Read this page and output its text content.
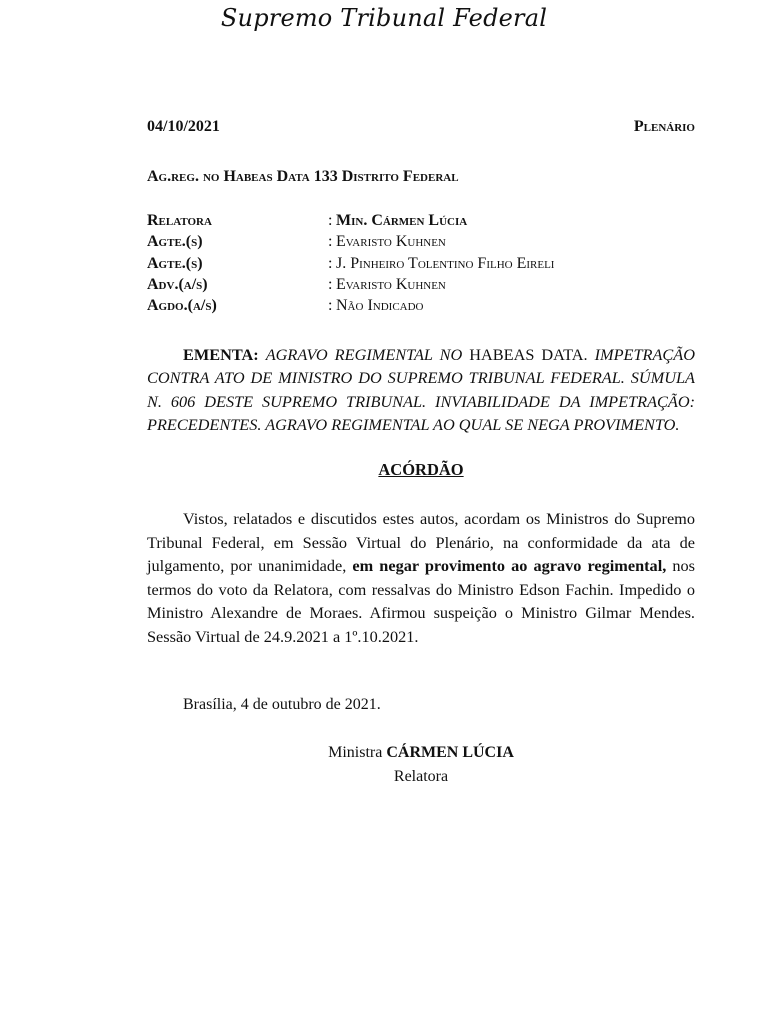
Supremo Tribunal Federal
04/10/2021	Plenário
Ag.reg. no Habeas Data 133 Distrito Federal
Relatora	: Min. Cármen Lúcia
Agte.(s)	: Evaristo Kuhnen
Agte.(s)	: J. Pinheiro Tolentino Filho Eireli
Adv.(a/s)	: Evaristo Kuhnen
Agdo.(a/s)	: Não Indicado

EMENTA: AGRAVO REGIMENTAL NO HABEAS DATA. IMPETRAÇÃO CONTRA ATO DE MINISTRO DO SUPREMO TRIBUNAL FEDERAL. SÚMULA N. 606 DESTE SUPREMO TRIBUNAL. INVIABILIDADE DA IMPETRAÇÃO: PRECEDENTES. AGRAVO REGIMENTAL AO QUAL SE NEGA PROVIMENTO.

ACÓRDÃO

Vistos, relatados e discutidos estes autos, acordam os Ministros do Supremo Tribunal Federal, em Sessão Virtual do Plenário, na conformidade da ata de julgamento, por unanimidade, em negar provimento ao agravo regimental, nos termos do voto da Relatora, com ressalvas do Ministro Edson Fachin. Impedido o Ministro Alexandre de Moraes. Afirmou suspeição o Ministro Gilmar Mendes. Sessão Virtual de 24.9.2021 a 1º.10.2021.

Brasília, 4 de outubro de 2021.
Ministra CÁRMEN LÚCIA
Relatora
